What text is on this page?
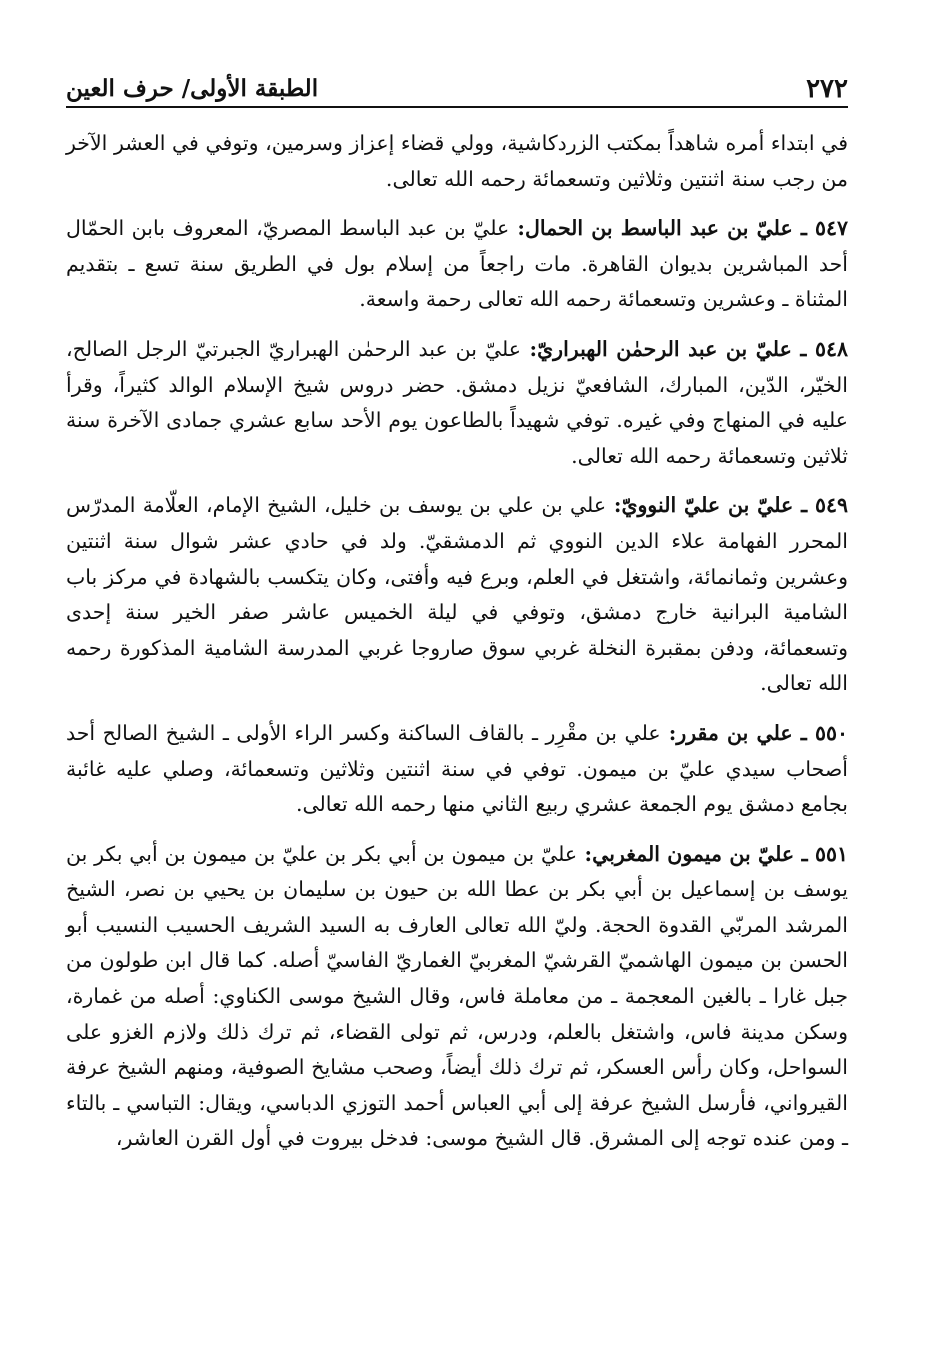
٢٧٢
الطبقة الأولى/ حرف العين

في ابتداء أمره شاهداً بمكتب الزردكاشية، وولي قضاء إعزاز وسرمين، وتوفي في العشر الآخر من رجب سنة اثنتين وثلاثين وتسعمائة رحمه الله تعالى.

٥٤٧ ـ عليّ بن عبد الباسط بن الحمال: عليّ بن عبد الباسط المصريّ، المعروف بابن الحمّال أحد المباشرين بديوان القاهرة. مات راجعاً من إسلام بول في الطريق سنة تسع ـ بتقديم المثناة ـ وعشرين وتسعمائة رحمه الله تعالى رحمة واسعة.

٥٤٨ ـ عليّ بن عبد الرحمٰن الهبراريّ: عليّ بن عبد الرحمٰن الهبراريّ الجبرتيّ الرجل الصالح، الخيّر، الدّين، المبارك، الشافعيّ نزيل دمشق. حضر دروس شيخ الإسلام الوالد كثيراً، وقرأ عليه في المنهاج وفي غيره. توفي شهيداً بالطاعون يوم الأحد سابع عشري جمادى الآخرة سنة ثلاثين وتسعمائة رحمه الله تعالى.

٥٤٩ ـ عليّ بن عليّ النوويّ: علي بن علي بن يوسف بن خليل، الشيخ الإمام، العلّامة المدرّس المحرر الفهامة علاء الدين النووي ثم الدمشقيّ. ولد في حادي عشر شوال سنة اثنتين وعشرين وثمانمائة، واشتغل في العلم، وبرع فيه وأفتى، وكان يتكسب بالشهادة في مركز باب الشامية البرانية خارج دمشق، وتوفي في ليلة الخميس عاشر صفر الخير سنة إحدى وتسعمائة، ودفن بمقبرة النخلة غربي سوق صاروجا غربي المدرسة الشامية المذكورة رحمه الله تعالى.

٥٥٠ ـ علي بن مقرر: علي بن مقْرِر ـ بالقاف الساكنة وكسر الراء الأولى ـ الشيخ الصالح أحد أصحاب سيدي عليّ بن ميمون. توفي في سنة اثنتين وثلاثين وتسعمائة، وصلي عليه غائبة بجامع دمشق يوم الجمعة عشري ربيع الثاني منها رحمه الله تعالى.

٥٥١ ـ عليّ بن ميمون المغربي: عليّ بن ميمون بن أبي بكر بن عليّ بن ميمون بن أبي بكر بن يوسف بن إسماعيل بن أبي بكر بن عطا الله بن حيون بن سليمان بن يحيي بن نصر، الشيخ المرشد المربّي القدوة الحجة. وليّ الله تعالى العارف به السيد الشريف الحسيب النسيب أبو الحسن بن ميمون الهاشميّ القرشيّ المغربيّ الغماريّ الفاسيّ أصله. كما قال ابن طولون من جبل غارا ـ بالغين المعجمة ـ من معاملة فاس، وقال الشيخ موسى الكناوي: أصله من غمارة، وسكن مدينة فاس، واشتغل بالعلم، ودرس، ثم تولى القضاء، ثم ترك ذلك ولازم الغزو على السواحل، وكان رأس العسكر، ثم ترك ذلك أيضاً، وصحب مشايخ الصوفية، ومنهم الشيخ عرفة القيرواني، فأرسل الشيخ عرفة إلى أبي العباس أحمد التوزي الدباسي، ويقال: التباسي ـ بالتاء ـ ومن عنده توجه إلى المشرق. قال الشيخ موسى: فدخل بيروت في أول القرن العاشر،
